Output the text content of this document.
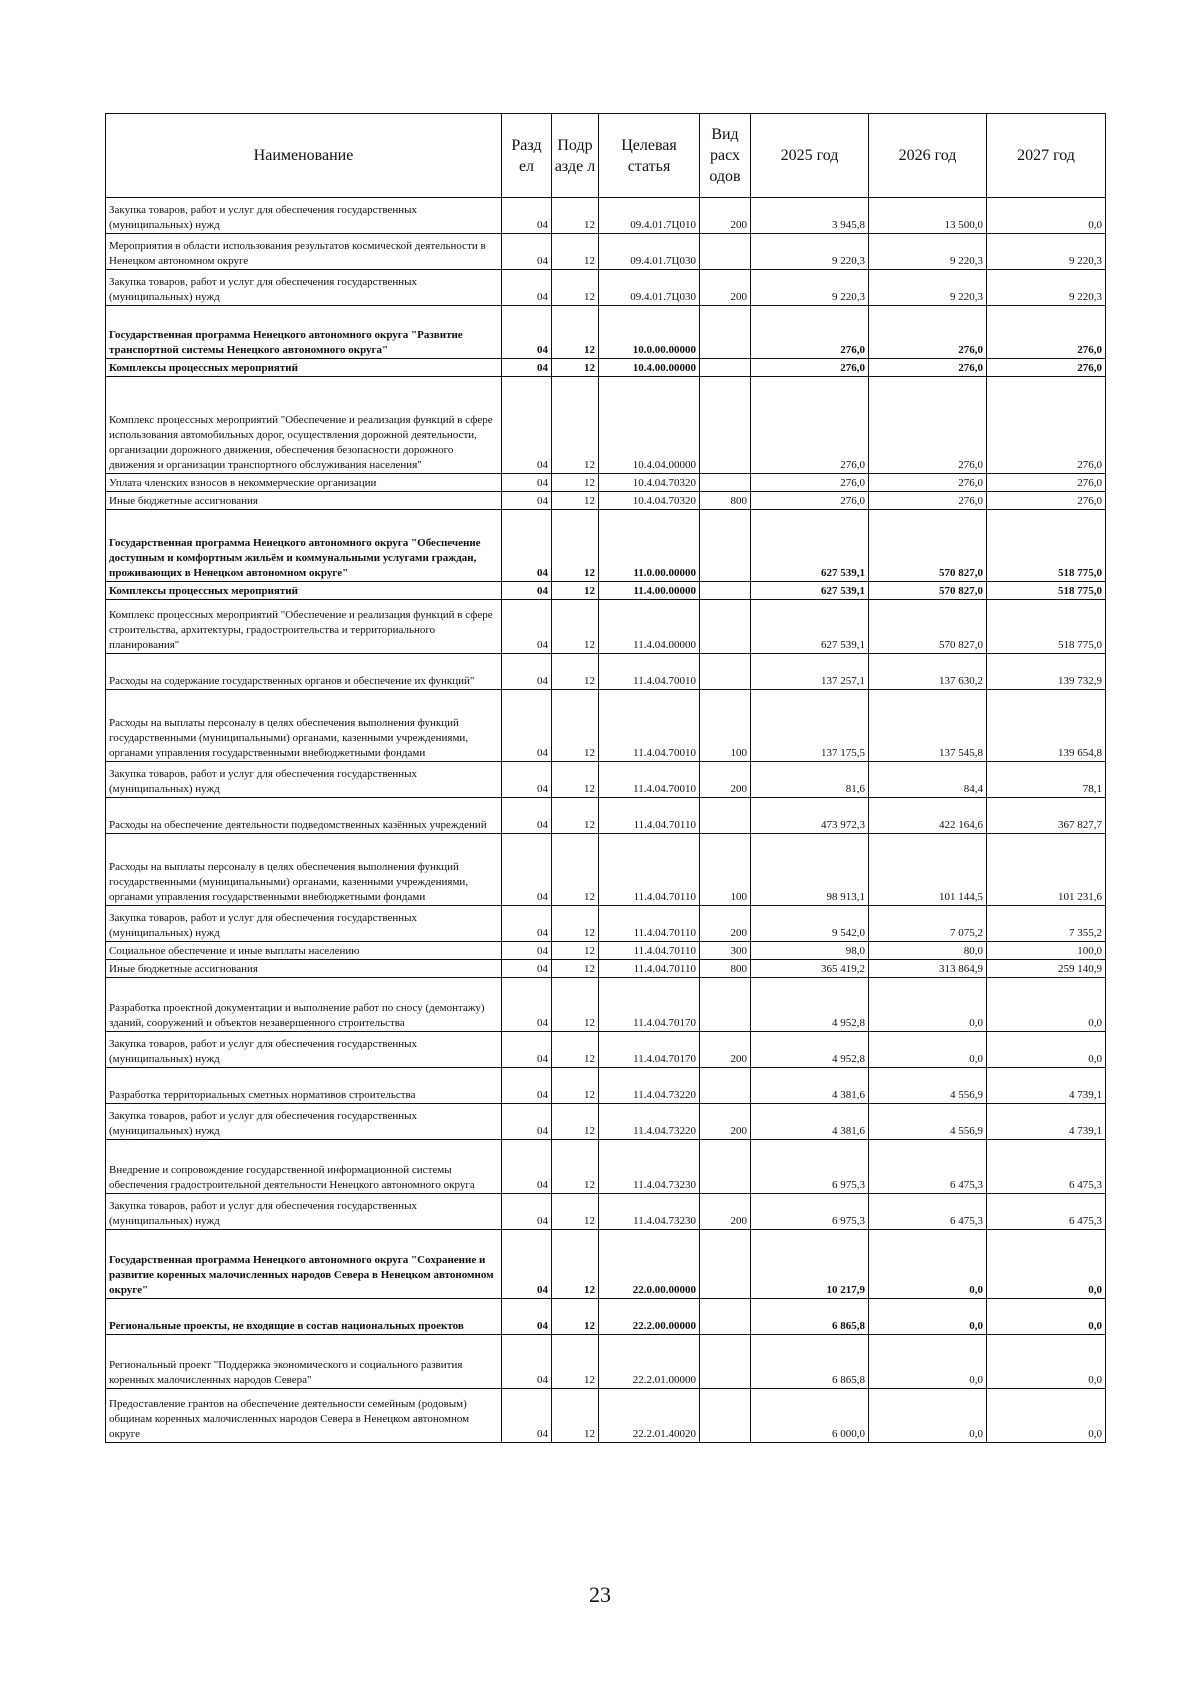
Наименование	Разд ел	Подр азде л	Целевая статья	Вид расх одов	2025 год	2026 год	2027 год
Закупка товаров, работ и услуг для обеспечения государственных (муниципальных) нужд	04	12	09.4.01.7Ц010	200	3 945,8	13 500,0	0,0
Мероприятия в области использования результатов космической деятельности в Ненецком автономном округе	04	12	09.4.01.7Ц030		9 220,3	9 220,3	9 220,3
Закупка товаров, работ и услуг для обеспечения государственных (муниципальных) нужд	04	12	09.4.01.7Ц030	200	9 220,3	9 220,3	9 220,3
Государственная программа Ненецкого автономного округа "Развитие транспортной системы Ненецкого автономного округа"	04	12	10.0.00.00000		276,0	276,0	276,0
Комплексы процессных мероприятий	04	12	10.4.00.00000		276,0	276,0	276,0
Комплекс процессных мероприятий "Обеспечение и реализация функций в сфере использования автомобильных дорог, осуществления дорожной деятельности, организации дорожного движения, обеспечения безопасности дорожного движения и организации транспортного обслуживания населения"	04	12	10.4.04.00000		276,0	276,0	276,0
Уплата членских взносов в некоммерческие организации	04	12	10.4.04.70320		276,0	276,0	276,0
Иные бюджетные ассигнования	04	12	10.4.04.70320	800	276,0	276,0	276,0
Государственная программа Ненецкого автономного округа "Обеспечение доступным и комфортным жильём и коммунальными услугами граждан, проживающих в Ненецком автономном округе"	04	12	11.0.00.00000		627 539,1	570 827,0	518 775,0
Комплексы процессных мероприятий	04	12	11.4.00.00000		627 539,1	570 827,0	518 775,0
Комплекс процессных мероприятий "Обеспечение и реализация функций в сфере строительства, архитектуры, градостроительства и территориального планирования"	04	12	11.4.04.00000		627 539,1	570 827,0	518 775,0
Расходы на содержание государственных органов и обеспечение их функций"	04	12	11.4.04.70010		137 257,1	137 630,2	139 732,9
Расходы на выплаты персоналу в целях обеспечения выполнения функций государственными (муниципальными) органами, казенными учреждениями, органами управления государственными внебюджетными фондами	04	12	11.4.04.70010	100	137 175,5	137 545,8	139 654,8
Закупка товаров, работ и услуг для обеспечения государственных (муниципальных) нужд	04	12	11.4.04.70010	200	81,6	84,4	78,1
Расходы на обеспечение деятельности подведомственных казённых учреждений	04	12	11.4.04.70110		473 972,3	422 164,6	367 827,7
Расходы на выплаты персоналу в целях обеспечения выполнения функций государственными (муниципальными) органами, казенными учреждениями, органами управления государственными внебюджетными фондами	04	12	11.4.04.70110	100	98 913,1	101 144,5	101 231,6
Закупка товаров, работ и услуг для обеспечения государственных (муниципальных) нужд	04	12	11.4.04.70110	200	9 542,0	7 075,2	7 355,2
Социальное обеспечение и иные выплаты населению	04	12	11.4.04.70110	300	98,0	80,0	100,0
Иные бюджетные ассигнования	04	12	11.4.04.70110	800	365 419,2	313 864,9	259 140,9
Разработка проектной документации и выполнение работ по сносу (демонтажу) зданий, сооружений и объектов незавершенного строительства	04	12	11.4.04.70170		4 952,8	0,0	0,0
Закупка товаров, работ и услуг для обеспечения государственных (муниципальных) нужд	04	12	11.4.04.70170	200	4 952,8	0,0	0,0
Разработка территориальных сметных нормативов строительства	04	12	11.4.04.73220		4 381,6	4 556,9	4 739,1
Закупка товаров, работ и услуг для обеспечения государственных (муниципальных) нужд	04	12	11.4.04.73220	200	4 381,6	4 556,9	4 739,1
Внедрение и сопровождение государственной информационной системы обеспечения градостроительной деятельности Ненецкого автономного округа	04	12	11.4.04.73230		6 975,3	6 475,3	6 475,3
Закупка товаров, работ и услуг для обеспечения государственных (муниципальных) нужд	04	12	11.4.04.73230	200	6 975,3	6 475,3	6 475,3
Государственная программа Ненецкого автономного округа "Сохранение и развитие коренных малочисленных народов Севера в Ненецком автономном округе"	04	12	22.0.00.00000		10 217,9	0,0	0,0
Региональные проекты, не входящие в состав национальных проектов	04	12	22.2.00.00000		6 865,8	0,0	0,0
Региональный проект "Поддержка экономического и социального развития коренных малочисленных народов Севера"	04	12	22.2.01.00000		6 865,8	0,0	0,0
Предоставление грантов на обеспечение деятельности семейным (родовым) общинам коренных малочисленных народов Севера в Ненецком автономном округе	04	12	22.2.01.40020		6 000,0	0,0	0,0
23
